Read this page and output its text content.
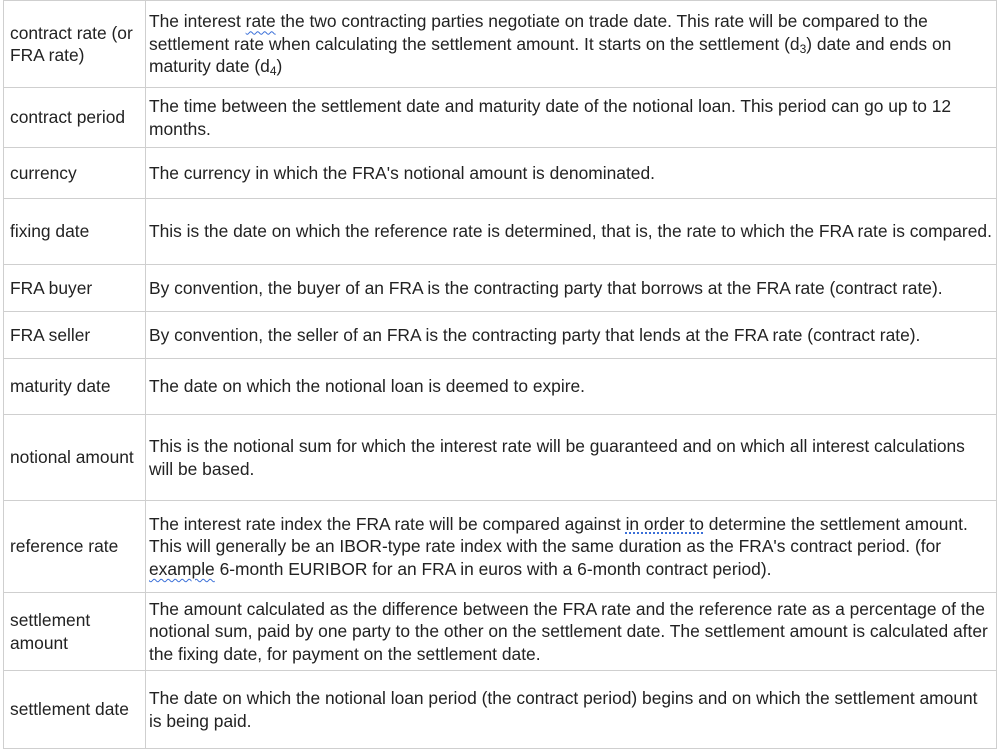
contract rate (or FRA rate)	The interest rate the two contracting parties negotiate on trade date. This rate will be compared to the settlement rate when calculating the settlement amount. It starts on the settlement $(d_3)$ date and ends on maturity date $(d_4)$
contract period	The time between the settlement date and maturity date of the notional loan. This period can go up to 12 months.
currency	The currency in which the FRA's notional amount is denominated.
fixing date	This is the date on which the reference rate is determined, that is, the rate to which the FRA rate is compared.
FRA buyer	By convention, the buyer of an FRA is the contracting party that borrows at the FRA rate (contract rate).
FRA seller	By convention, the seller of an FRA is the contracting party that lends at the FRA rate (contract rate).
maturity date	The date on which the notional loan is deemed to expire.
notional amount	This is the notional sum for which the interest rate will be guaranteed and on which all interest calculations will be based.
reference rate	The interest rate index the FRA rate will be compared against in order to determine the settlement amount. This will generally be an IBOR-type rate index with the same duration as the FRA's contract period. (for example 6-month EURIBOR for an FRA in euros with a 6-month contract period).
settlement amount	The amount calculated as the difference between the FRA rate and the reference rate as a percentage of the notional sum, paid by one party to the other on the settlement date. The settlement amount is calculated after the fixing date, for payment on the settlement date.
settlement date	The date on which the notional loan period (the contract period) begins and on which the settlement amount is being paid.
